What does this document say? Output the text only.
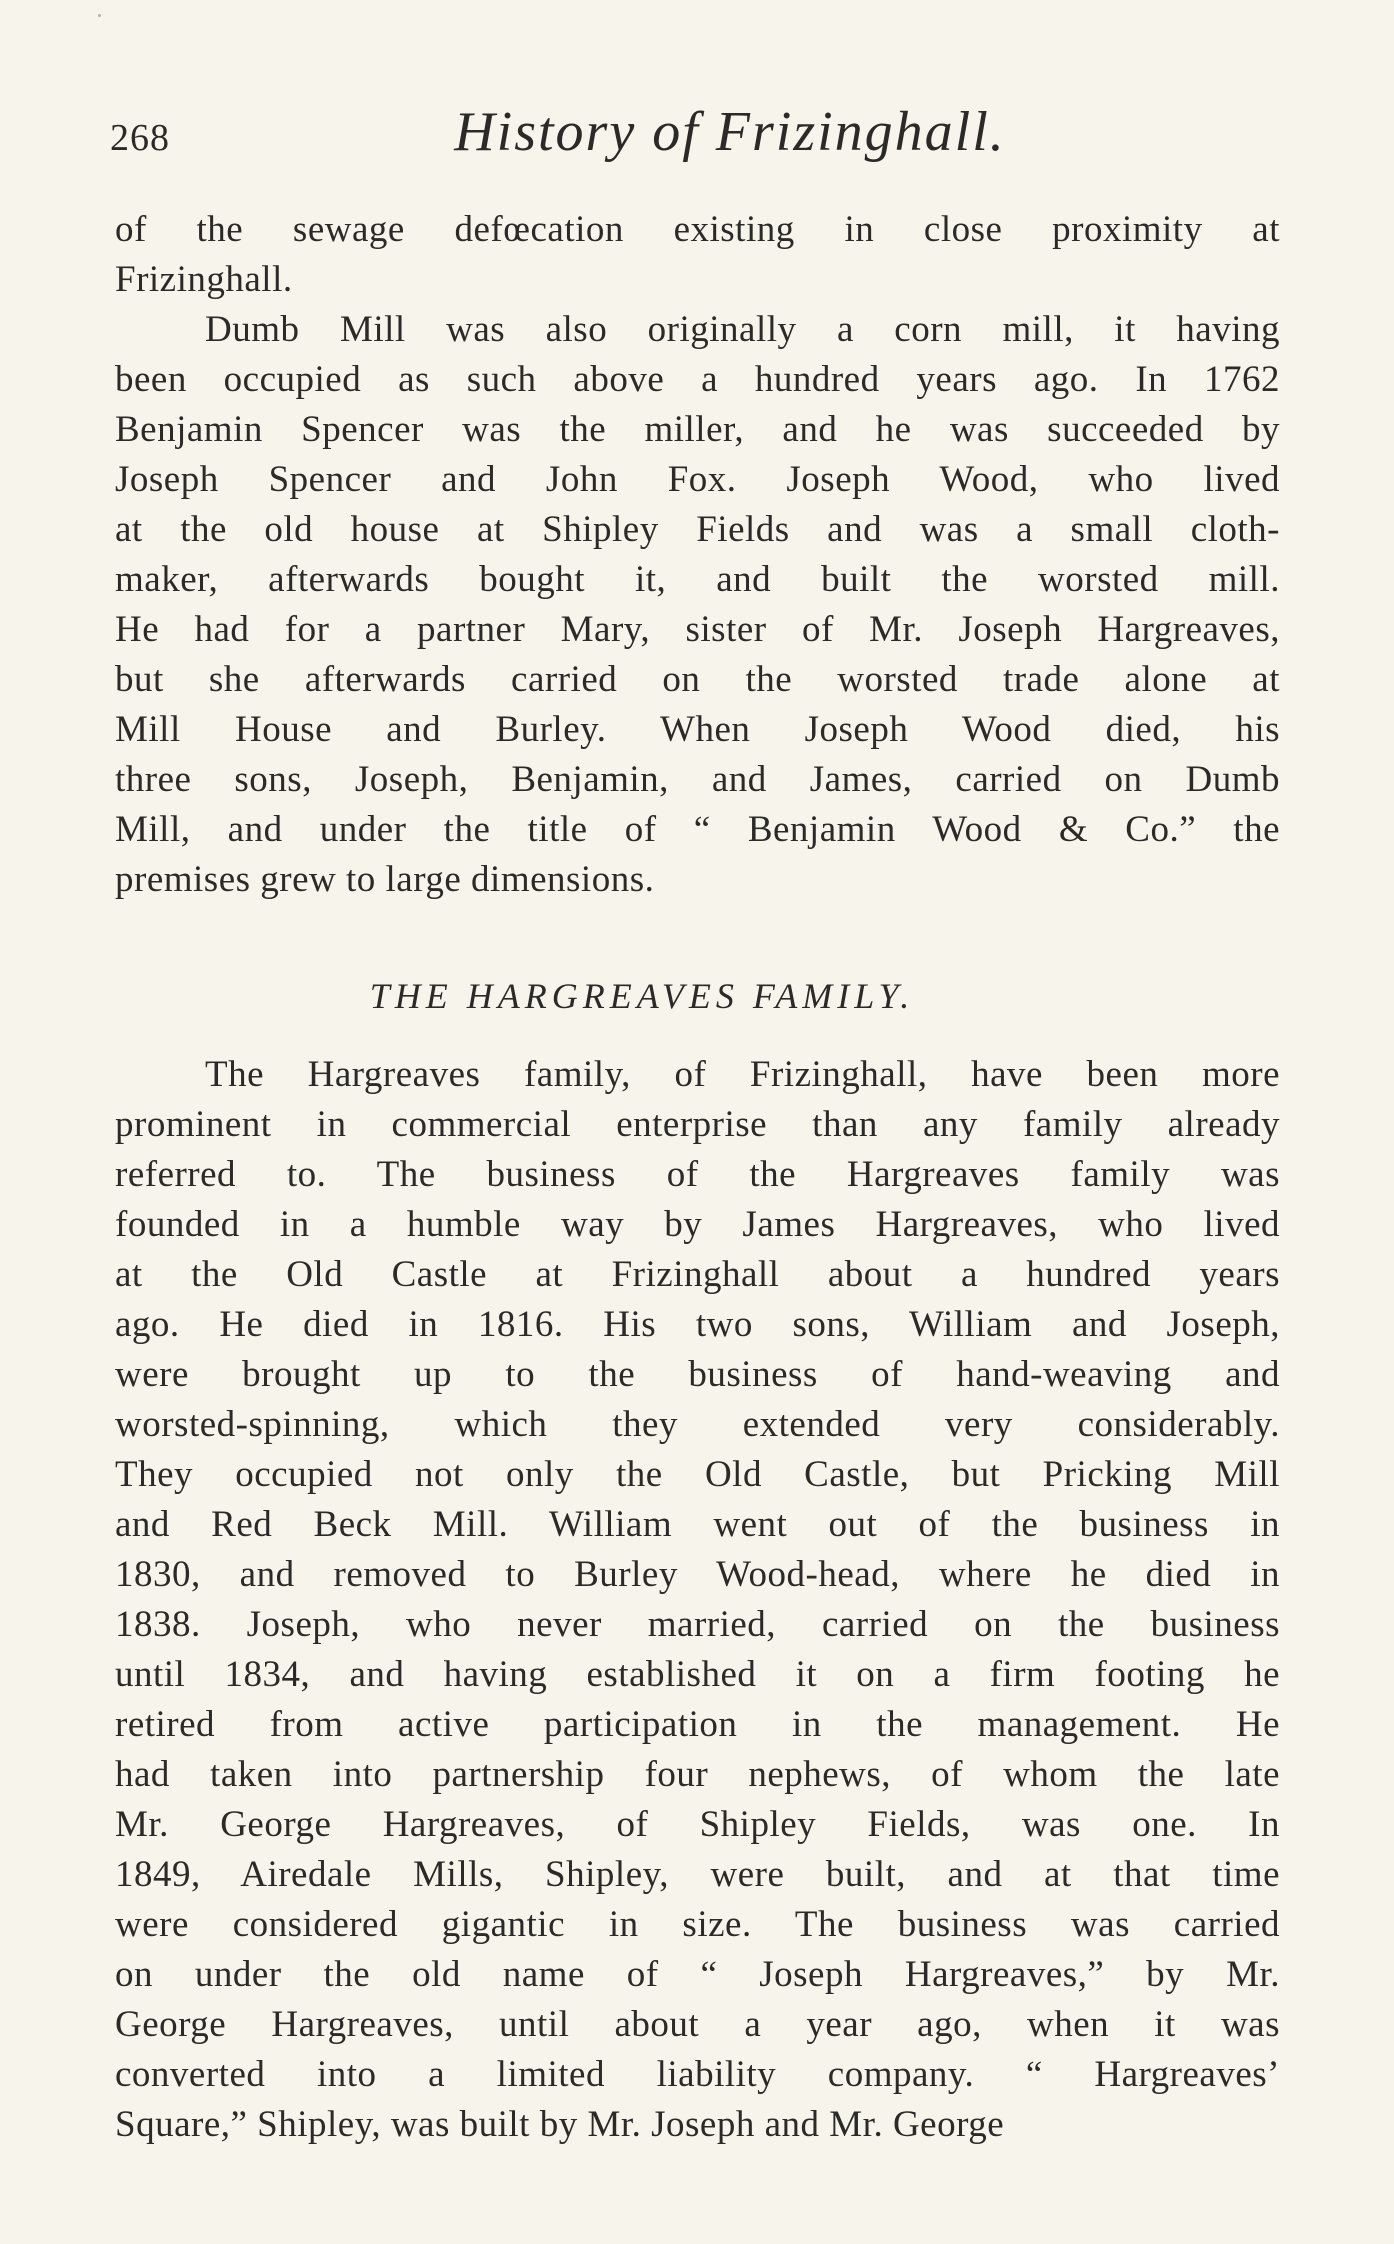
268	History of Frizinghall.
of the sewage defœcation existing in close proximity at
Frizinghall.
Dumb Mill was also originally a corn mill, it having
been occupied as such above a hundred years ago. In 1762
Benjamin Spencer was the miller, and he was succeeded by
Joseph Spencer and John Fox. Joseph Wood, who lived
at the old house at Shipley Fields and was a small cloth-
maker, afterwards bought it, and built the worsted mill.
He had for a partner Mary, sister of Mr. Joseph Hargreaves,
but she afterwards carried on the worsted trade alone at
Mill House and Burley. When Joseph Wood died, his
three sons, Joseph, Benjamin, and James, carried on Dumb
Mill, and under the title of “ Benjamin Wood & Co.” the
premises grew to large dimensions.
THE HARGREAVES FAMILY.
The Hargreaves family, of Frizinghall, have been more
prominent in commercial enterprise than any family already
referred to. The business of the Hargreaves family was
founded in a humble way by James Hargreaves, who lived
at the Old Castle at Frizinghall about a hundred years
ago. He died in 1816. His two sons, William and Joseph,
were brought up to the business of hand-weaving and
worsted-spinning, which they extended very considerably.
They occupied not only the Old Castle, but Pricking Mill
and Red Beck Mill. William went out of the business in
1830, and removed to Burley Wood-head, where he died in
1838. Joseph, who never married, carried on the business
until 1834, and having established it on a firm footing he
retired from active participation in the management. He
had taken into partnership four nephews, of whom the late
Mr. George Hargreaves, of Shipley Fields, was one. In
1849, Airedale Mills, Shipley, were built, and at that time
were considered gigantic in size. The business was carried
on under the old name of “ Joseph Hargreaves,” by Mr.
George Hargreaves, until about a year ago, when it was
converted into a limited liability company. “ Hargreaves’
Square,” Shipley, was built by Mr. Joseph and Mr. George
